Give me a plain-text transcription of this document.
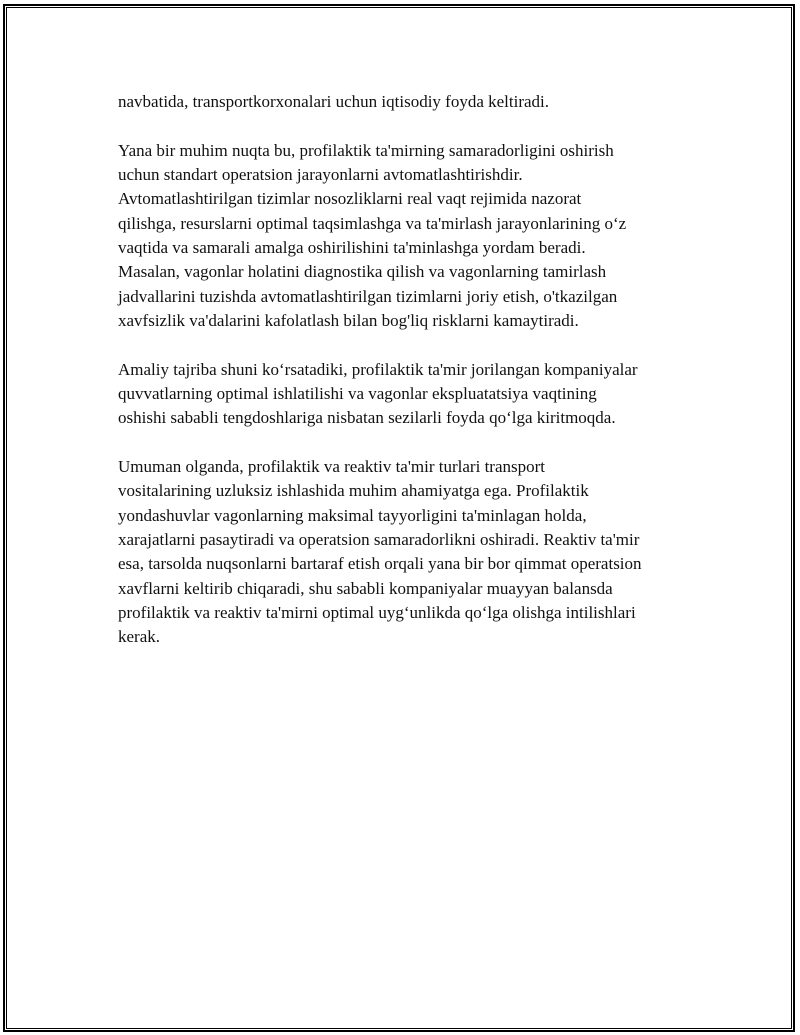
navbatida, transportkorxonalari uchun iqtisodiy foyda keltiradi.

Yana bir muhim nuqta bu, profilaktik ta'mirning samaradorligini oshirish
uchun standart operatsion jarayonlarni avtomatlashtirishdir.
Avtomatlashtirilgan tizimlar nosozliklarni real vaqt rejimida nazorat
qilishga, resurslarni optimal taqsimlashga va ta'mirlash jarayonlarining o‘z
vaqtida va samarali amalga oshirilishini ta'minlashga yordam beradi.
Masalan, vagonlar holatini diagnostika qilish va vagonlarning tamirlash
jadvallarini tuzishda avtomatlashtirilgan tizimlarni joriy etish, o'tkazilgan
xavfsizlik va'dalarini kafolatlash bilan bog'liq risklarni kamaytiradi.

Amaliy tajriba shuni ko‘rsatadiki, profilaktik ta'mir jorilangan kompaniyalar
quvvatlarning optimal ishlatilishi va vagonlar ekspluatatsiya vaqtining
oshishi sababli tengdoshlariga nisbatan sezilarli foyda qo‘lga kiritmoqda.

Umuman olganda, profilaktik va reaktiv ta'mir turlari transport
vositalarining uzluksiz ishlashida muhim ahamiyatga ega. Profilaktik
yondashuvlar vagonlarning maksimal tayyorligini ta'minlagan holda,
xarajatlarni pasaytiradi va operatsion samaradorlikni oshiradi. Reaktiv ta'mir
esa, tarsolda nuqsonlarni bartaraf etish orqali yana bir bor qimmat operatsion
xavflarni keltirib chiqaradi, shu sababli kompaniyalar muayyan balansda
profilaktik va reaktiv ta'mirni optimal uyg‘unlikda qo‘lga olishga intilishlari
kerak.
